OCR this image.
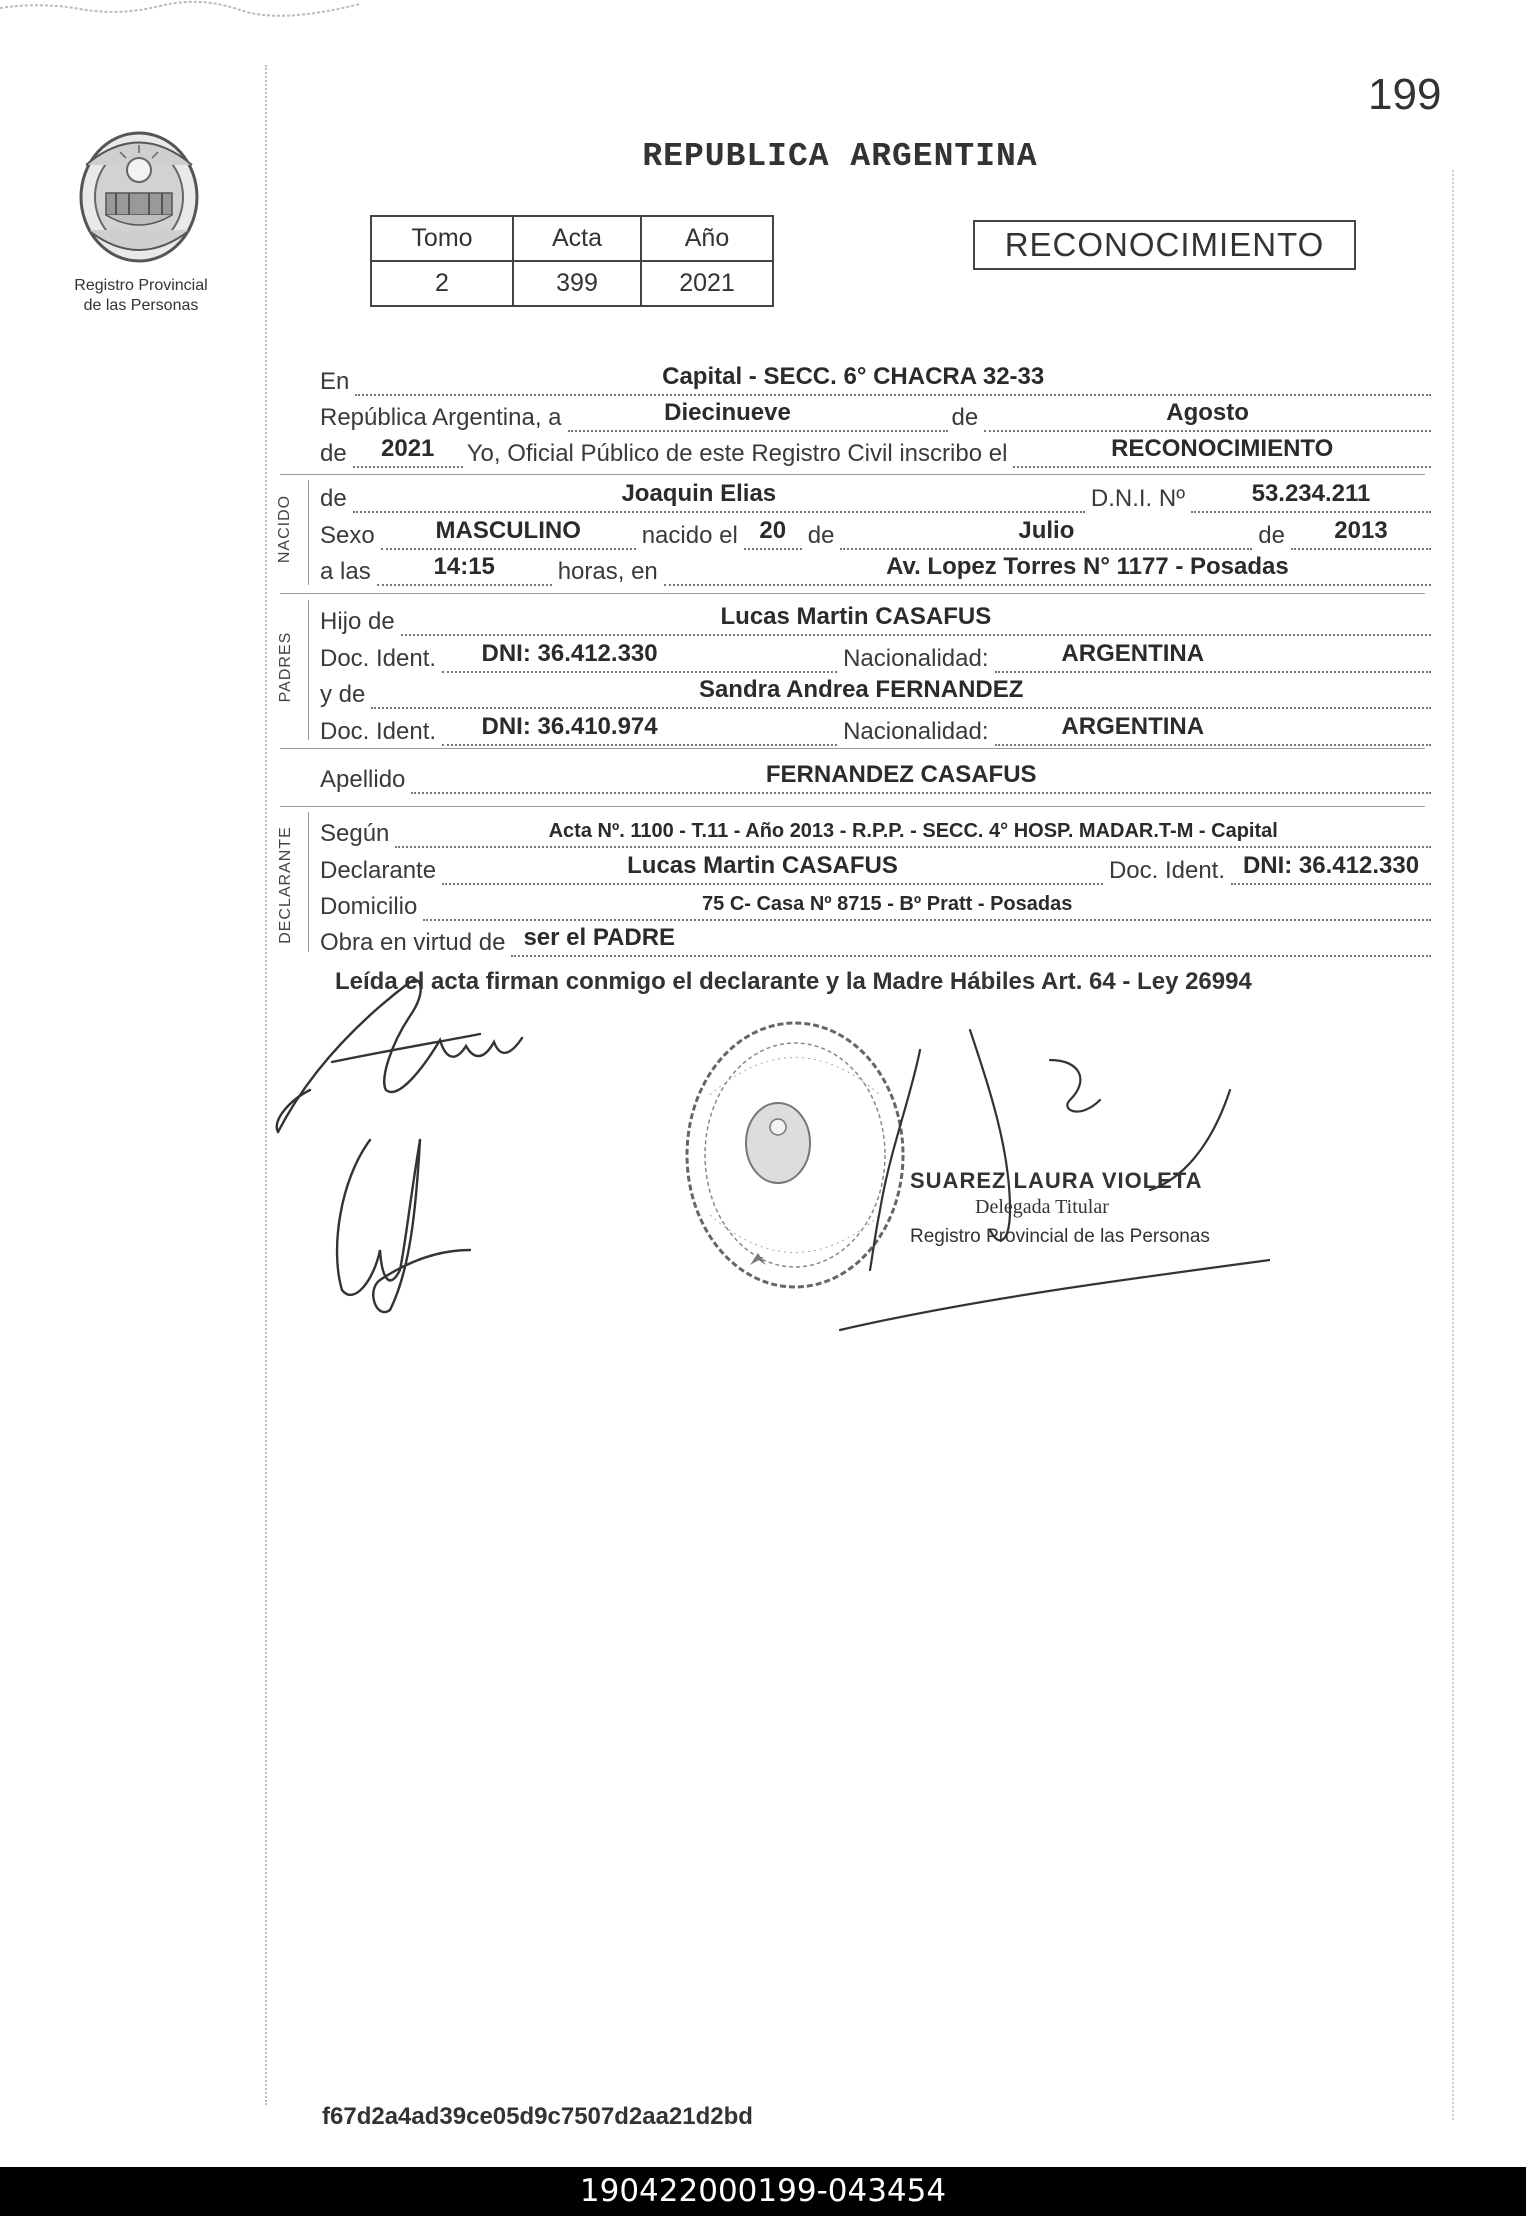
199
Registro Provincial
de las Personas
REPUBLICA ARGENTINA
Tomo	Acta	Año
2	399	2021
RECONOCIMIENTO
En	Capital - SECC. 6° CHACRA 32-33
República Argentina, a	Diecinueve	de	Agosto
de	2021	Yo, Oficial Público de este Registro Civil inscribo el	RECONOCIMIENTO
NACIDO de	Joaquin Elias	D.N.I. Nº	53.234.211
Sexo	MASCULINO	nacido el 20 de	Julio	de	2013
a las	14:15	horas, en	Av. Lopez Torres N° 1177 - Posadas
PADRES
Hijo de	Lucas Martin CASAFUS
Doc. Ident.	DNI: 36.412.330	Nacionalidad:	ARGENTINA
y de	Sandra Andrea FERNANDEZ
Doc. Ident.	DNI: 36.410.974	Nacionalidad:	ARGENTINA
Apellido	FERNANDEZ CASAFUS
DECLARANTE Según	Acta Nº. 1100 - T.11 - Año 2013 - R.P.P. - SECC. 4° HOSP. MADAR.T-M - Capital
Declarante	Lucas Martin CASAFUS	Doc. Ident. DNI: 36.412.330
Domicilio	75 C- Casa Nº 8715 - Bº Pratt - Posadas
Obra en virtud de ser el PADRE
Leída el acta firman conmigo el declarante y la Madre Hábiles Art. 64 - Ley 26994
SUAREZ LAURA VIOLETA
Delegada Titular
Registro Provincial de las Personas
f67d2a4ad39ce05d9c7507d2aa21d2bd
190422000199-043454
